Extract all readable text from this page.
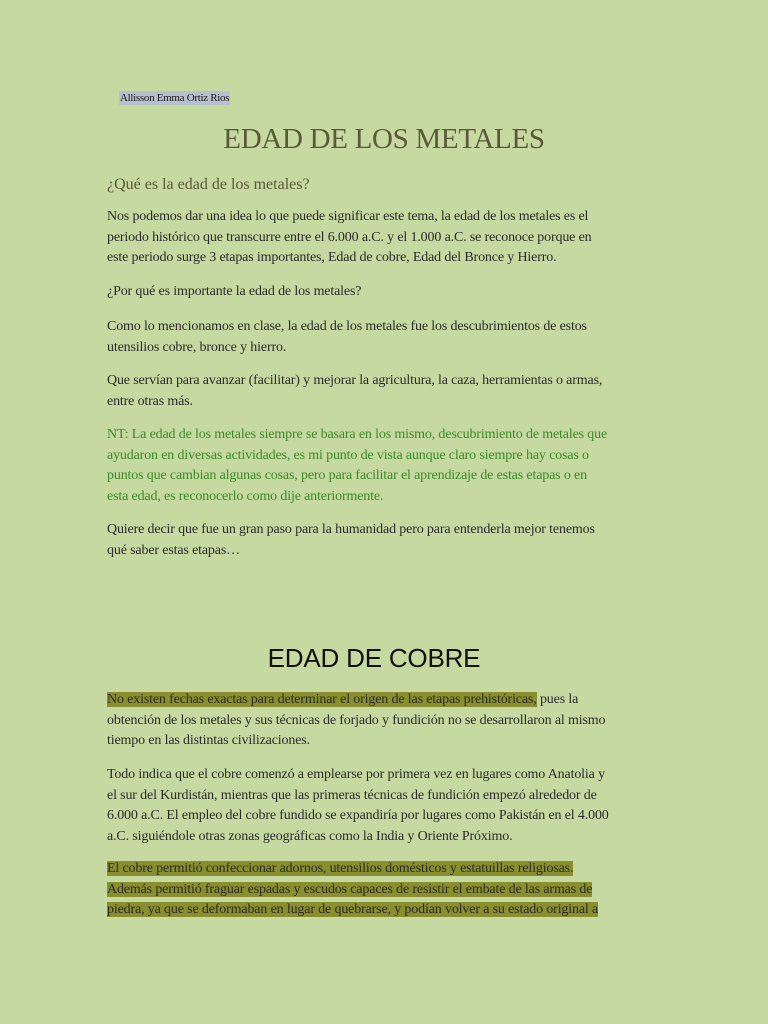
Allisson Emma Ortiz Rios
EDAD DE LOS METALES
¿Qué es la edad de los metales?
Nos podemos dar una idea lo que puede significar este tema, la edad de los metales es el
periodo histórico que transcurre entre el 6.000 a.C. y el 1.000 a.C. se reconoce porque en
este periodo surge 3 etapas importantes, Edad de cobre, Edad del Bronce y Hierro.
¿Por qué es importante la edad de los metales?
Como lo mencionamos en clase, la edad de los metales fue los descubrimientos de estos
utensilios cobre, bronce y hierro.
Que servían para avanzar (facilitar) y mejorar la agricultura, la caza, herramientas o armas,
entre otras más.
NT: La edad de los metales siempre se basara en los mismo, descubrimiento de metales que
ayudaron en diversas actividades, es mi punto de vista aunque claro siempre hay cosas o
puntos que cambian algunas cosas, pero para facilitar el aprendizaje de estas etapas o en
esta edad, es reconocerlo como dije anteriormente.
Quiere decir que fue un gran paso para la humanidad pero para entenderla mejor tenemos
qué saber estas etapas…
EDAD DE COBRE
No existen fechas exactas para determinar el origen de las etapas prehistóricas, pues la
obtención de los metales y sus técnicas de forjado y fundición no se desarrollaron al mismo
tiempo en las distintas civilizaciones.
Todo indica que el cobre comenzó a emplearse por primera vez en lugares como Anatolia y
el sur del Kurdistán, mientras que las primeras técnicas de fundición empezó alrededor de
6.000 a.C. El empleo del cobre fundido se expandiría por lugares como Pakistán en el 4.000
a.C. siguiéndole otras zonas geográficas como la India y Oriente Próximo.
El cobre permitió confeccionar adornos, utensilios domésticos y estatuillas religiosas.
Además permitió fraguar espadas y escudos capaces de resistir el embate de las armas de
piedra, ya que se deformaban en lugar de quebrarse, y podían volver a su estado original a
